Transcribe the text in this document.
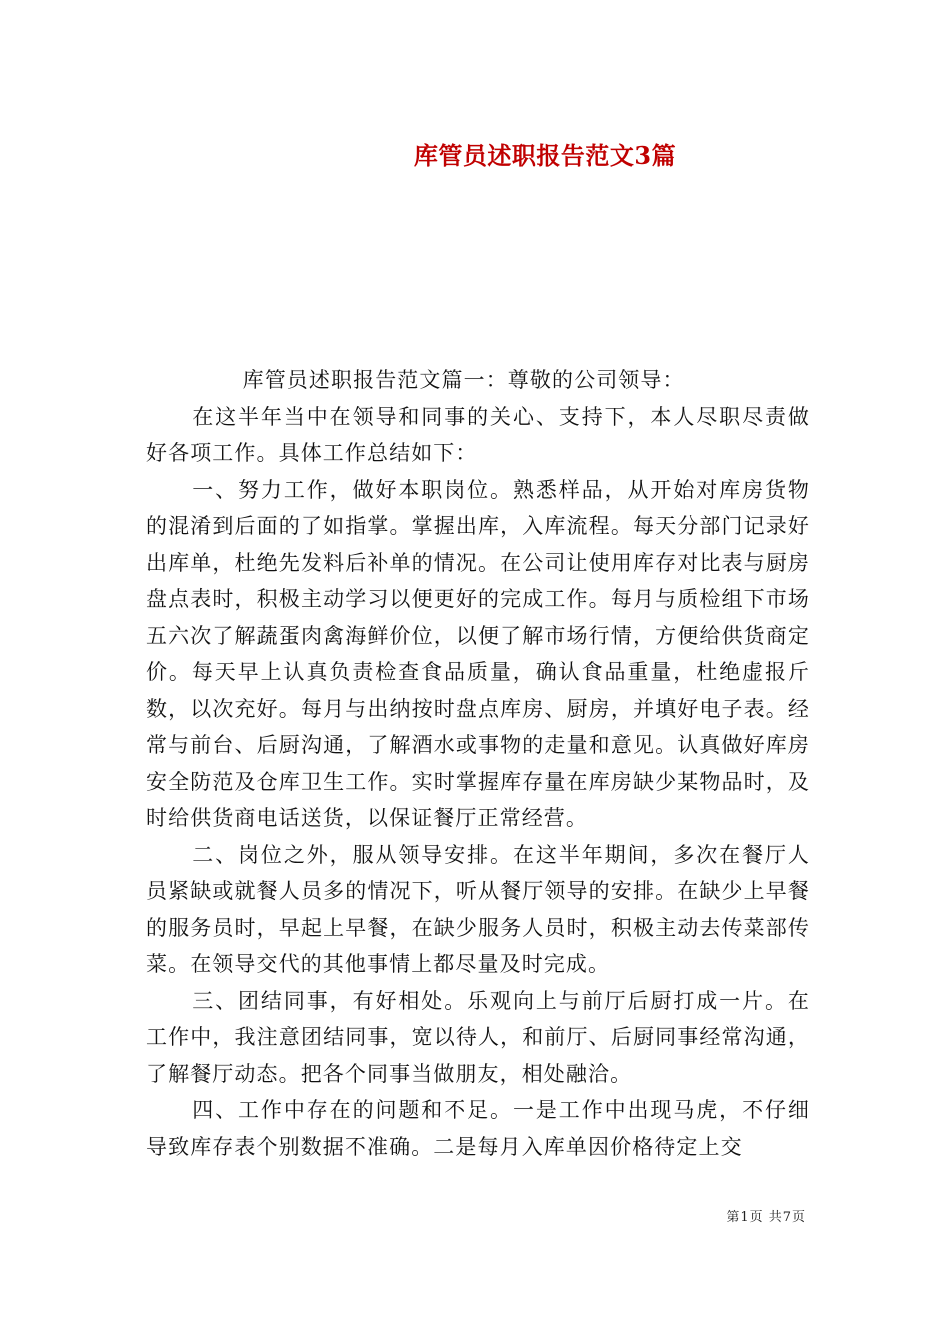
库管员述职报告范文3篇

库管员述职报告范文篇一：尊敬的公司领导：

在这半年当中在领导和同事的关心、支持下，本人尽职尽责做好各项工作。具体工作总结如下：

一、努力工作，做好本职岗位。熟悉样品，从开始对库房货物的混淆到后面的了如指掌。掌握出库，入库流程。每天分部门记录好出库单，杜绝先发料后补单的情况。在公司让使用库存对比表与厨房盘点表时，积极主动学习以便更好的完成工作。每月与质检组下市场五六次了解蔬蛋肉禽海鲜价位，以便了解市场行情，方便给供货商定价。每天早上认真负责检查食品质量，确认食品重量，杜绝虚报斤数，以次充好。每月与出纳按时盘点库房、厨房，并填好电子表。经常与前台、后厨沟通，了解酒水或事物的走量和意见。认真做好库房安全防范及仓库卫生工作。实时掌握库存量在库房缺少某物品时，及时给供货商电话送货，以保证餐厅正常经营。

二、岗位之外，服从领导安排。在这半年期间，多次在餐厅人员紧缺或就餐人员多的情况下，听从餐厅领导的安排。在缺少上早餐的服务员时，早起上早餐，在缺少服务人员时，积极主动去传菜部传菜。在领导交代的其他事情上都尽量及时完成。

三、团结同事，有好相处。乐观向上与前厅后厨打成一片。在工作中，我注意团结同事，宽以待人，和前厅、后厨同事经常沟通，了解餐厅动态。把各个同事当做朋友，相处融洽。

四、工作中存在的问题和不足。一是工作中出现马虎，不仔细导致库存表个别数据不准确。二是每月入库单因价格待定上交

第1页 共7页
